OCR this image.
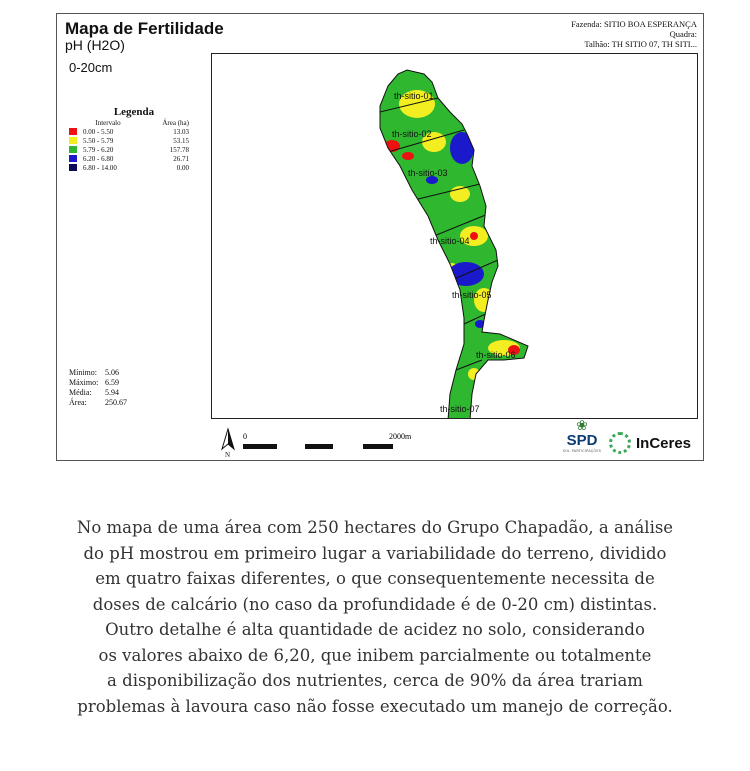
Mapa de Fertilidade
pH (H2O)
0-20cm
Fazenda: SITIO BOA ESPERANÇA
Quadra:
Talhão: TH SITIO 07, TH SITI...
Legenda
Intervalo	Área (ha)
0.00 - 5.50	13.03
5.50 - 5.79	53.15
5.79 - 6.20	157.78
6.20 - 6.80	26.71
6.80 - 14.00	0.00
Mínimo: 5.06
Máximo: 6.59
Média:	5.94
Área:	250.67
th-sitio-01
th-sitio-02
th-sitio-03
th-sitio-04
th-sitio-05
th-sitio-06
th-sitio-07
N
0	2000m
❀
SPD
SOL PARTICIPAÇÕES InCeres
No mapa de uma área com 250 hectares do Grupo Chapadão, a análise
do pH mostrou em primeiro lugar a variabilidade do terreno, dividido
em quatro faixas diferentes, o que consequentemente necessita de
doses de calcário (no caso da profundidade é de 0-20 cm) distintas.
Outro detalhe é alta quantidade de acidez no solo, considerando
os valores abaixo de 6,20, que inibem parcialmente ou totalmente
a disponibilização dos nutrientes, cerca de 90% da área trariam
problemas à lavoura caso não fosse executado um manejo de correção.
